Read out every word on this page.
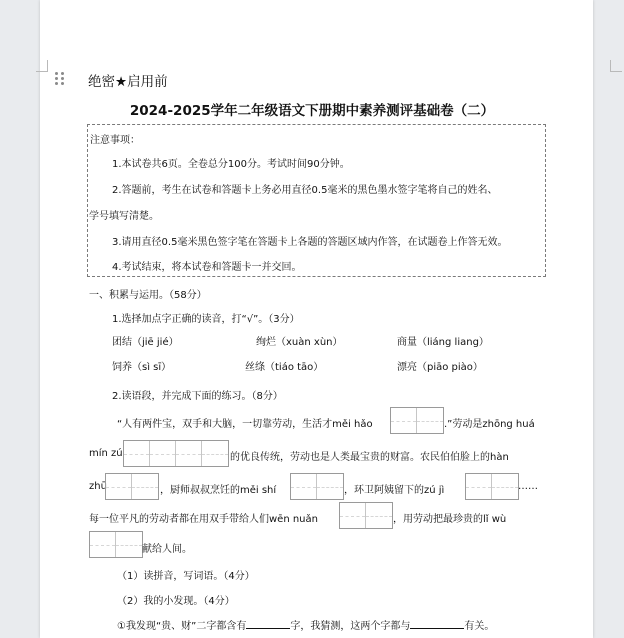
绝密★启用前
2024-2025学年二年级语文下册期中素养测评基础卷（二）
注意事项：
1.本试卷共6页。全卷总分100分。考试时间90分钟。
2.答题前，考生在试卷和答题卡上务必用直径0.5毫米的黑色墨水签字笔将自己的姓名、
学号填写清楚。
3.请用直径0.5毫米黑色签字笔在答题卡上各题的答题区域内作答，在试题卷上作答无效。
4.考试结束，将本试卷和答题卡一并交回。
一、积累与运用。（58分）
1.选择加点字正确的读音，打“√”。（3分）
团结（jiē jié）	绚烂（xuàn xùn）	商量（liáng liang）
饲养（sì sī）	丝绦（tiáo tāo）	漂亮（piāo piào）
2.读语段，并完成下面的练习。（8分）
“人有两件宝，双手和大脑，一切靠劳动，生活才měi hǎo	.”劳动是zhōng huá
mín zú	的优良传统，劳动也是人类最宝贵的财富。农民伯伯脸上的hàn
zhū	，厨师叔叔烹饪的měi shí	，环卫阿姨留下的zú jì	……
每一位平凡的劳动者都在用双手带给人们wēn nuǎn	，用劳动把最珍贵的lǐ wù
献给人间。
（1）读拼音，写词语。（4分）
（2）我的小发现。（4分）
①我发现“贵、财”二字都含有	字，我猜测，这两个字都与	有关。
